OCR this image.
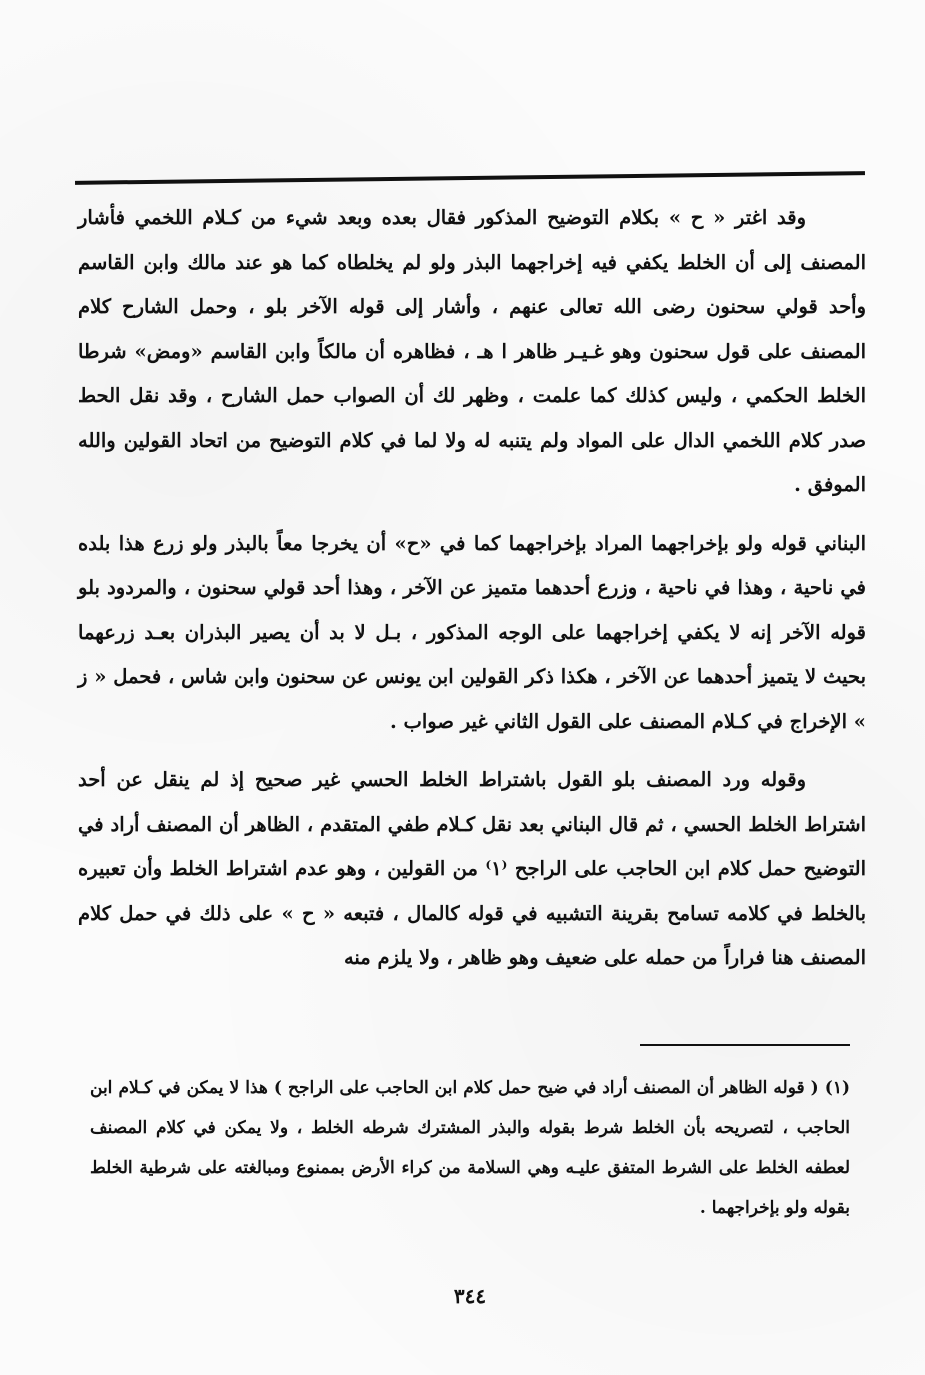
وقد اغتر « ح » بكلام التوضيح المذكور فقال بعده وبعد شيء من كـلام اللخمي فأشار المصنف إلى أن الخلط يكفي فيه إخراجهما البذر ولو لم يخلطاه كما هو عند مالك وابن القاسم وأحد قولي سحنون رضى الله تعالى عنهم ، وأشار إلى قوله الآخر بلو ، وحمل الشارح كلام المصنف على قول سحنون وهو غـيـر ظاهر ا هـ ، فظاهره أن مالكاً وابن القاسم «ومض» شرطا الخلط الحكمي ، وليس كذلك كما علمت ، وظهر لك أن الصواب حمل الشارح ، وقد نقل الحط صدر كلام اللخمي الدال على المواد ولم يتنبه له ولا لما في كلام التوضيح من اتحاد القولين والله الموفق .

البناني قوله ولو بإخراجهما المراد بإخراجهما كما في «ح» أن يخرجا معاً بالبذر ولو زرع هذا بلده في ناحية ، وهذا في ناحية ، وزرع أحدهما متميز عن الآخر ، وهذا أحد قولي سحنون ، والمردود بلو قوله الآخر إنه لا يكفي إخراجهما على الوجه المذكور ، بـل لا بد أن يصير البذران بعـد زرعهما بحيث لا يتميز أحدهما عن الآخر ، هكذا ذكر القولين ابن يونس عن سحنون وابن شاس ، فحمل « ز » الإخراج في كـلام المصنف على القول الثاني غير صواب .

وقوله ورد المصنف بلو القول باشتراط الخلط الحسي غير صحيح إذ لم ينقل عن أحد اشتراط الخلط الحسي ، ثم قال البناني بعد نقل كـلام طفي المتقدم ، الظاهر أن المصنف أراد في التوضيح حمل كلام ابن الحاجب على الراجح ⁽١⁾ من القولين ، وهو عدم اشتراط الخلط وأن تعبيره بالخلط في كلامه تسامح بقرينة التشبيه في قوله كالمال ، فتبعه « ح » على ذلك في حمل كلام المصنف هنا فراراً من حمله على ضعيف وهو ظاهر ، ولا يلزم منه

(١) ( قوله الظاهر أن المصنف أراد في ضيح حمل كلام ابن الحاجب على الراجح ) هذا لا يمكن في كـلام ابن الحاجب ، لتصريحه بأن الخلط شرط بقوله والبذر المشترك شرطه الخلط ، ولا يمكن في كلام المصنف لعطفه الخلط على الشرط المتفق عليـه وهي السلامة من كراء الأرض بممنوع ومبالغته على شرطية الخلط بقوله ولو بإخراجهما .

٣٤٤
